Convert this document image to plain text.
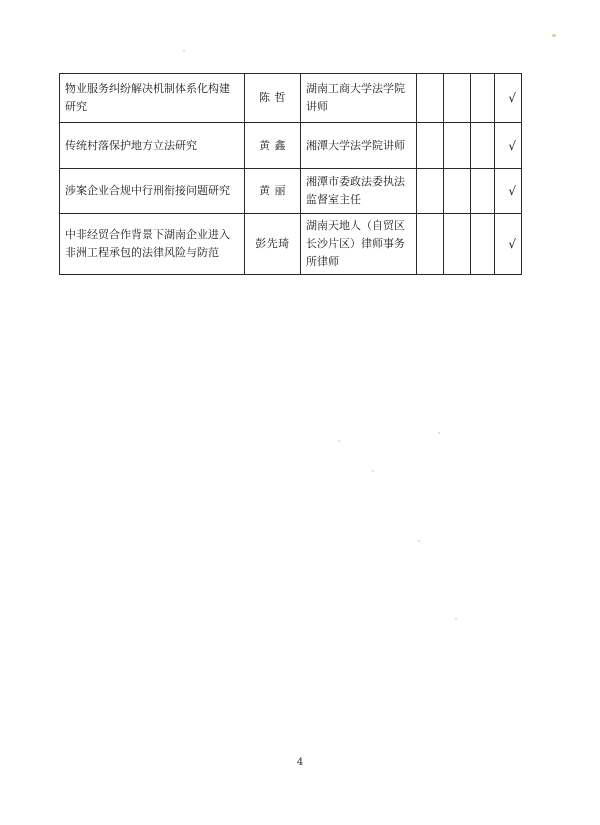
物业服务纠纷解决机制体系化构建研究	陈 哲	湖南工商大学法学院讲师				√
传统村落保护地方立法研究	黄 鑫	湘潭大学法学院讲师				√
涉案企业合规中行刑衔接问题研究	黄 丽	湘潭市委政法委执法监督室主任				√
中非经贸合作背景下湖南企业进入非洲工程承包的法律风险与防范	彭先琦	湖南天地人（自贸区长沙片区）律师事务所律师				√
4
